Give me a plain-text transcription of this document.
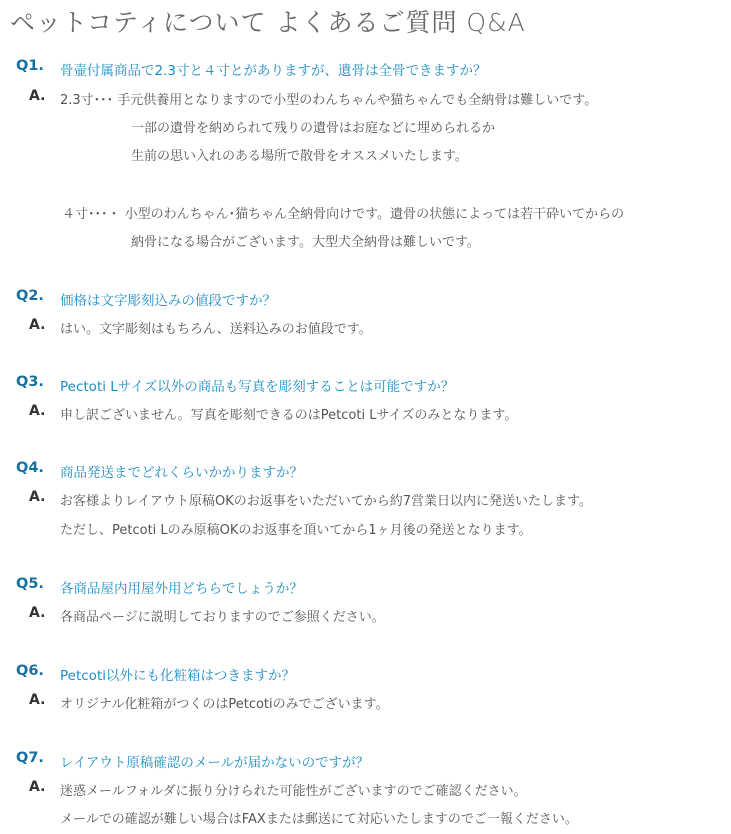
ペットコティについて よくあるご質問 Q&A
Q1. 骨壷付属商品で2.3寸と４寸とがありますが、遺骨は全骨できますか？
A. 2.3寸･･･ 手元供養用となりますので小型のわんちゃんや猫ちゃんでも全納骨は難しいです。
一部の遺骨を納められて残りの遺骨はお庭などに埋められるか
生前の思い入れのある場所で散骨をオススメいたします。
４寸･･･・ 小型のわんちゃん･猫ちゃん全納骨向けです。遺骨の状態によっては若干砕いてからの
納骨になる場合がございます。大型犬全納骨は難しいです。
Q2. 価格は文字彫刻込みの値段ですか？
A. はい。文字彫刻はもちろん、送料込みのお値段です。
Q3. Pectoti Lサイズ以外の商品も写真を彫刻することは可能ですか？
A. 申し訳ございません。写真を彫刻できるのはPetcoti Lサイズのみとなります。
Q4. 商品発送までどれくらいかかりますか？
A. お客様よりレイアウト原稿OKのお返事をいただいてから約7営業日以内に発送いたします。
ただし、Petcoti Lのみ原稿OKのお返事を頂いてから1ヶ月後の発送となります。
Q5. 各商品屋内用屋外用どちらでしょうか？
A. 各商品ページに説明しておりますのでご参照ください。
Q6. Petcoti以外にも化粧箱はつきますか？
A. オリジナル化粧箱がつくのはPetcotiのみでございます。
Q7. レイアウト原稿確認のメールが届かないのですが？
A. 迷惑メールフォルダに振り分けられた可能性がございますのでご確認ください。
メールでの確認が難しい場合はFAXまたは郵送にて対応いたしますのでご一報ください。
